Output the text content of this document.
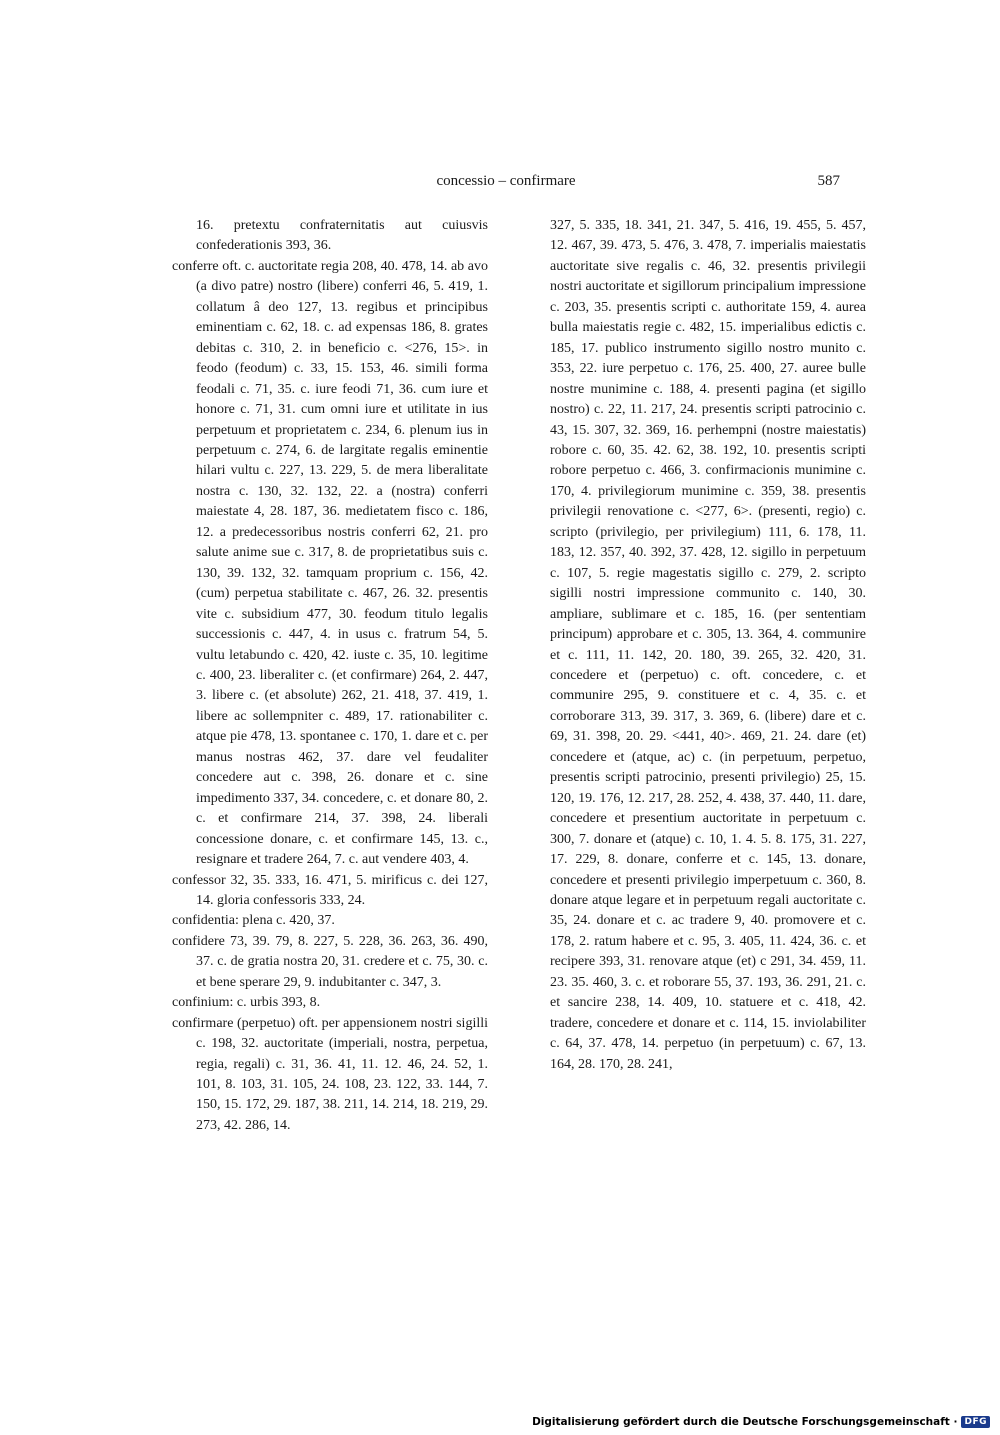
concessio – confirmare	587

16. pretextu confraternitatis aut cuiusvis confederationis 393, 36.

conferre oft. c. auctoritate regia 208, 40. 478, 14. ab avo (a divo patre) nostro (libere) conferri 46, 5. 419, 1. collatum â deo 127, 13. regibus et principibus eminentiam c. 62, 18. c. ad expensas 186, 8. grates debitas c. 310, 2. in beneficio c. <276, 15>. in feodo (feodum) c. 33, 15. 153, 46. simili forma feodali c. 71, 35. c. iure feodi 71, 36. cum iure et honore c. 71, 31. cum omni iure et utilitate in ius perpetuum et proprietatem c. 234, 6. plenum ius in perpetuum c. 274, 6. de largitate regalis eminentie hilari vultu c. 227, 13. 229, 5. de mera liberalitate nostra c. 130, 32. 132, 22. a (nostra) conferri maiestate 4, 28. 187, 36. medietatem fisco c. 186, 12. a predecessoribus nostris conferri 62, 21. pro salute anime sue c. 317, 8. de proprietatibus suis c. 130, 39. 132, 32. tamquam proprium c. 156, 42. (cum) perpetua stabilitate c. 467, 26. 32. presentis vite c. subsidium 477, 30. feodum titulo legalis successionis c. 447, 4. in usus c. fratrum 54, 5. vultu letabundo c. 420, 42. iuste c. 35, 10. legitime c. 400, 23. liberaliter c. (et confirmare) 264, 2. 447, 3. libere c. (et absolute) 262, 21. 418, 37. 419, 1. libere ac sollempniter c. 489, 17. rationabiliter c. atque pie 478, 13. spontanee c. 170, 1. dare et c. per manus nostras 462, 37. dare vel feudaliter concedere aut c. 398, 26. donare et c. sine impedimento 337, 34. concedere, c. et donare 80, 2. c. et confirmare 214, 37. 398, 24. liberali concessione donare, c. et confirmare 145, 13. c., resignare et tradere 264, 7. c. aut vendere 403, 4.

confessor 32, 35. 333, 16. 471, 5. mirificus c. dei 127, 14. gloria confessoris 333, 24.

confidentia: plena c. 420, 37.

confidere 73, 39. 79, 8. 227, 5. 228, 36. 263, 36. 490, 37. c. de gratia nostra 20, 31. credere et c. 75, 30. c. et bene sperare 29, 9. indubitanter c. 347, 3.

confinium: c. urbis 393, 8.

confirmare (perpetuo) oft. per appensionem nostri sigilli c. 198, 32. auctoritate (imperiali, nostra, perpetua, regia, regali) c. 31, 36. 41, 11. 12. 46, 24. 52, 1. 101, 8. 103, 31. 105, 24. 108, 23. 122, 33. 144, 7. 150, 15. 172, 29. 187, 38. 211, 14. 214, 18. 219, 29. 273, 42. 286, 14.

327, 5. 335, 18. 341, 21. 347, 5. 416, 19. 455, 5. 457, 12. 467, 39. 473, 5. 476, 3. 478, 7. imperialis maiestatis auctoritate sive regalis c. 46, 32. presentis privilegii nostri auctoritate et sigillorum principalium impressione c. 203, 35. presentis scripti c. authoritate 159, 4. aurea bulla maiestatis regie c. 482, 15. imperialibus edictis c. 185, 17. publico instrumento sigillo nostro munito c. 353, 22. iure perpetuo c. 176, 25. 400, 27. auree bulle nostre munimine c. 188, 4. presenti pagina (et sigillo nostro) c. 22, 11. 217, 24. presentis scripti patrocinio c. 43, 15. 307, 32. 369, 16. perhempni (nostre maiestatis) robore c. 60, 35. 42. 62, 38. 192, 10. presentis scripti robore perpetuo c. 466, 3. confirmacionis munimine c. 170, 4. privilegiorum munimine c. 359, 38. presentis privilegii renovatione c. <277, 6>. (presenti, regio) c. scripto (privilegio, per privilegium) 111, 6. 178, 11. 183, 12. 357, 40. 392, 37. 428, 12. sigillo in perpetuum c. 107, 5. regie magestatis sigillo c. 279, 2. scripto sigilli nostri impressione communito c. 140, 30. ampliare, sublimare et c. 185, 16. (per sententiam principum) approbare et c. 305, 13. 364, 4. communire et c. 111, 11. 142, 20. 180, 39. 265, 32. 420, 31. concedere et (perpetuo) c. oft. concedere, c. et communire 295, 9. constituere et c. 4, 35. c. et corroborare 313, 39. 317, 3. 369, 6. (libere) dare et c. 69, 31. 398, 20. 29. <441, 40>. 469, 21. 24. dare (et) concedere et (atque, ac) c. (in perpetuum, perpetuo, presentis scripti patrocinio, presenti privilegio) 25, 15. 120, 19. 176, 12. 217, 28. 252, 4. 438, 37. 440, 11. dare, concedere et presentium auctoritate in perpetuum c. 300, 7. donare et (atque) c. 10, 1. 4. 5. 8. 175, 31. 227, 17. 229, 8. donare, conferre et c. 145, 13. donare, concedere et presenti privilegio imperpetuum c. 360, 8. donare atque legare et in perpetuum regali auctoritate c. 35, 24. donare et c. ac tradere 9, 40. promovere et c. 178, 2. ratum habere et c. 95, 3. 405, 11. 424, 36. c. et recipere 393, 31. renovare atque (et) c 291, 34. 459, 11. 23. 35. 460, 3. c. et roborare 55, 37. 193, 36. 291, 21. c. et sancire 238, 14. 409, 10. statuere et c. 418, 42. tradere, concedere et donare et c. 114, 15. inviolabiliter c. 64, 37. 478, 14. perpetuo (in perpetuum) c. 67, 13. 164, 28. 170, 28. 241,

Digitalisierung gefördert durch die Deutsche Forschungsgemeinschaft · DFG
